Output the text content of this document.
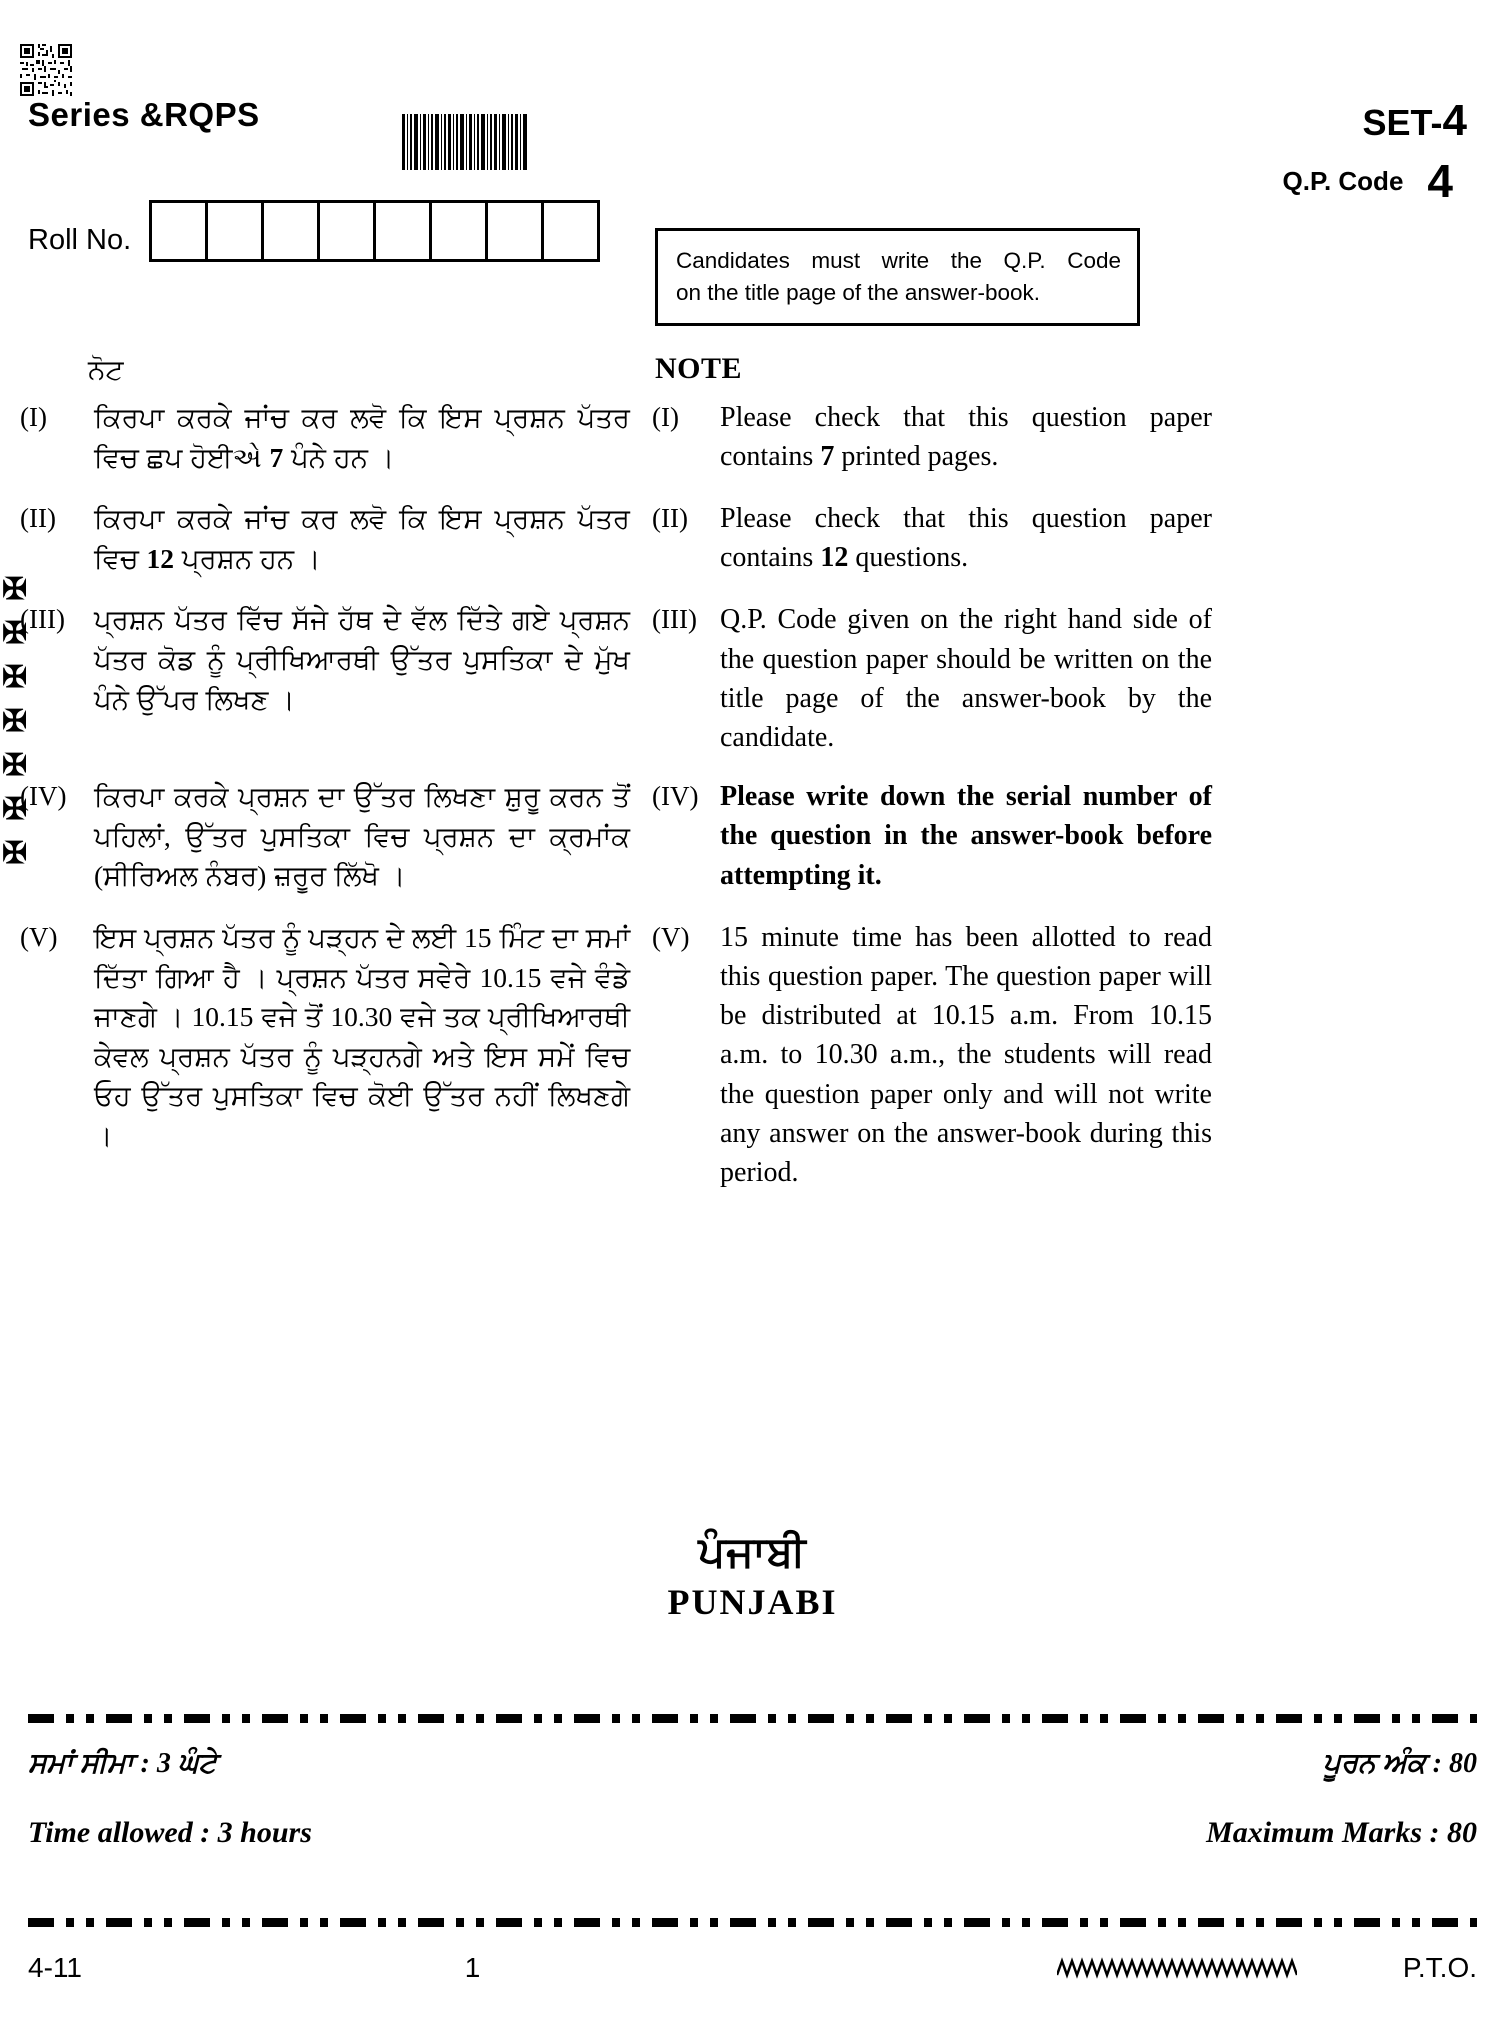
Series &RQPS	SET-4
Q.P. Code 4
Roll No.

Candidates must write the Q.P. Code

on the title page of the answer-book.

ਨੋਟ	NOTE
✠
✠
✠
✠
✠
✠
✠
(I)	ਕਿਰਪਾ ਕਰਕੇ ਜਾਂਚ ਕਰ ਲਵੋ ਕਿ ਇਸ ਪ੍ਰਸ਼ਨ ਪੱਤਰ ਵਿਚ ਛਪ ਹੋਈએ 7 ਪੰਨੇ ਹਨ ।
(I)	Please check that this question paper contains 7 printed pages.
(II)	ਕਿਰਪਾ ਕਰਕੇ ਜਾਂਚ ਕਰ ਲਵੋ ਕਿ ਇਸ ਪ੍ਰਸ਼ਨ ਪੱਤਰ ਵਿਚ 12 ਪ੍ਰਸ਼ਨ ਹਨ ।
(II)	Please check that this question paper contains 12 questions.
(III)	ਪ੍ਰਸ਼ਨ ਪੱਤਰ ਵਿੱਚ ਸੱਜੇ ਹੱਥ ਦੇ ਵੱਲ ਦਿੱਤੇ ਗਏ ਪ੍ਰਸ਼ਨ ਪੱਤਰ ਕੋਡ ਨੂੰ ਪ੍ਰੀਖਿਆਰਥੀ ਉੱਤਰ ਪੁਸਤਿਕਾ ਦੇ ਮੁੱਖ ਪੰਨੇ ਉੱਪਰ ਲਿਖਣ ।
(III) Q.P. Code given on the right hand side of the question paper should be written on the title page of the answer-book by the candidate.
(IV)	ਕਿਰਪਾ ਕਰਕੇ ਪ੍ਰਸ਼ਨ ਦਾ ਉੱਤਰ ਲਿਖਣਾ ਸ਼ੁਰੂ ਕਰਨ ਤੋਂ ਪਹਿਲਾਂ, ਉੱਤਰ ਪੁਸਤਿਕਾ ਵਿਚ ਪ੍ਰਸ਼ਨ ਦਾ ਕ੍ਰਮਾਂਕ (ਸੀਰਿਅਲ ਨੰਬਰ) ਜ਼ਰੂਰ ਲਿੱਖੋ ।
(IV) Please write down the serial number of the question in the answer-book before attempting it.
(V)	ਇਸ ਪ੍ਰਸ਼ਨ ਪੱਤਰ ਨੂੰ ਪੜ੍ਹਨ ਦੇ ਲਈ 15 ਮਿੰਟ ਦਾ ਸਮਾਂ ਦਿੱਤਾ ਗਿਆ ਹੈ । ਪ੍ਰਸ਼ਨ ਪੱਤਰ ਸਵੇਰੇ 10.15 ਵਜੇ ਵੰਡੇ ਜਾਣਗੇ । 10.15 ਵਜੇ ਤੋਂ 10.30 ਵਜੇ ਤਕ ਪ੍ਰੀਖਿਆਰਥੀ ਕੇਵਲ ਪ੍ਰਸ਼ਨ ਪੱਤਰ ਨੂੰ ਪੜ੍ਹਨਗੇ ਅਤੇ ਇਸ ਸਮੇਂ ਵਿਚ ਓਹ ਉੱਤਰ ਪੁਸਤਿਕਾ ਵਿਚ ਕੋਈ ਉੱਤਰ ਨਹੀਂ ਲਿਖਣਗੇ ।
(V)	15 minute time has been allotted to read this question paper. The question paper will be distributed at 10.15 a.m. From 10.15 a.m. to 10.30 a.m., the students will read the question paper only and will not write any answer on the answer-book during this period.
ਪੰਜਾਬੀ
PUNJABI
ਸਮਾਂ ਸੀਮਾ : 3 ਘੰਟੇ	ਪੂਰਨ ਅੰਕ : 80
Time allowed : 3 hours	Maximum Marks : 80
4-11	1	P.T.O.
